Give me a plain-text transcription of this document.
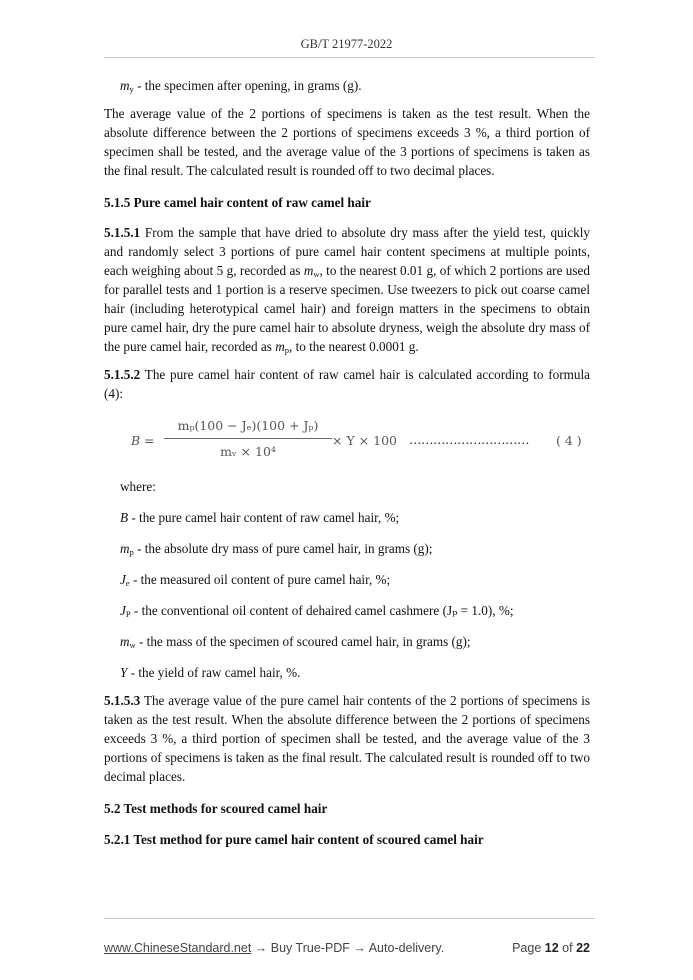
GB/T 21977-2022

$m_y$ - the specimen after opening, in grams (g).

The average value of the 2 portions of specimens is taken as the test result. When the absolute difference between the 2 portions of specimens exceeds 3 %, a third portion of specimen shall be tested, and the average value of the 3 portions of specimens is taken as the final result. The calculated result is rounded off to two decimal places.

5.1.5 Pure camel hair content of raw camel hair

5.1.5.1 From the sample that have dried to absolute dry mass after the yield test, quickly and randomly select 3 portions of pure camel hair content specimens at multiple points, each weighing about 5 g, recorded as $m_w$, to the nearest 0.01 g, of which 2 portions are used for parallel tests and 1 portion is a reserve specimen. Use tweezers to pick out coarse camel hair (including heterotypical camel hair) and foreign matters in the specimens to obtain pure camel hair, dry the pure camel hair to absolute dryness, weigh the absolute dry mass of the pure camel hair, recorded as $m_p$, to the nearest 0.0001 g.

5.1.5.2 The pure camel hair content of raw camel hair is calculated according to formula (4):

B =
mₚ(100 − Jₑ)(100 + Jₚ)
mᵥ × 10⁴
× Y × 100 ………………………… ( 4 )

where:

B - the pure camel hair content of raw camel hair, %;

$m_p$ - the absolute dry mass of pure camel hair, in grams (g);

$J_e$ - the measured oil content of pure camel hair, %;

$J_P$ - the conventional oil content of dehaired camel cashmere (Jₚ = 1.0), %;

$m_w$ - the mass of the specimen of scoured camel hair, in grams (g);

Y - the yield of raw camel hair, %.

5.1.5.3 The average value of the pure camel hair contents of the 2 portions of specimens is taken as the test result. When the absolute difference between the 2 portions of specimens exceeds 3 %, a third portion of specimen shall be tested, and the average value of the 3 portions of specimens is taken as the final result. The calculated result is rounded off to two decimal places.

5.2 Test methods for scoured camel hair

5.2.1 Test method for pure camel hair content of scoured camel hair

www.ChineseStandard.net → Buy True-PDF → Auto-delivery.	Page 12 of 22
